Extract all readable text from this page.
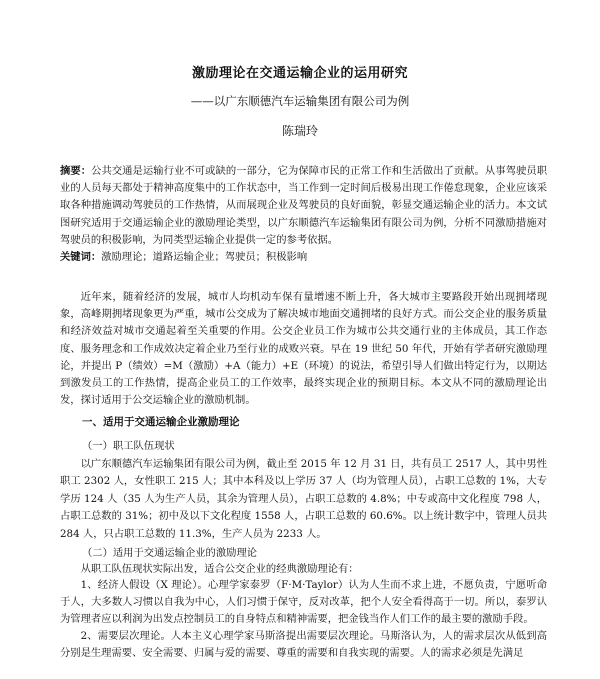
激励理论在交通运输企业的运用研究
——以广东顺德汽车运输集团有限公司为例
陈瑞玲
摘要：公共交通是运输行业不可或缺的一部分，它为保障市民的正常工作和生活做出了贡献。从事驾驶员职业的人员每天都处于精神高度集中的工作状态中，当工作到一定时间后极易出现工作倦怠现象，企业应该采取各种措施调动驾驶员的工作热情，从而展现企业及驾驶员的良好面貌，彰显交通运输企业的活力。本文试图研究适用于交通运输企业的激励理论类型，以广东顺德汽车运输集团有限公司为例，分析不同激励措施对驾驶员的积极影响，为同类型运输企业提供一定的参考依据。
关键词：激励理论；道路运输企业；驾驶员；积极影响

近年来，随着经济的发展，城市人均机动车保有量增速不断上升，各大城市主要路段开始出现拥堵现象，高峰期拥堵现象更为严重，城市公交成为了解决城市地面交通拥堵的良好方式。而公交企业的服务质量和经济效益对城市交通起着至关重要的作用。公交企业员工作为城市公共交通行业的主体成员，其工作态度、服务理念和工作成效决定着企业乃至行业的成败兴衰。早在 19 世纪 50 年代，开始有学者研究激励理论，并提出 P（绩效）=M（激励）+A（能力）+E（环境）的说法，希望引导人们做出特定行为，以期达到激发员工的工作热情，提高企业员工的工作效率，最终实现企业的预期目标。本文从不同的激励理论出发，探讨适用于公交运输企业的激励机制。

一、适用于交通运输企业激励理论
（一）职工队伍现状

以广东顺德汽车运输集团有限公司为例，截止至 2015 年 12 月 31 日，共有员工 2517 人，其中男性职工 2302 人，女性职工 215 人；其中本科及以上学历 37 人（均为管理人员），占职工总数的 1%，大专学历 124 人（35 人为生产人员，其余为管理人员），占职工总数的 4.8%；中专或高中文化程度 798 人，占职工总数的 31%；初中及以下文化程度 1558 人，占职工总数的 60.6%。以上统计数字中，管理人员共 284 人，只占职工总数的 11.3%，生产人员为 2233 人。

（二）适用于交通运输企业的激励理论

从职工队伍现状实际出发，适合公交企业的经典激励理论有：

1、经济人假设（X 理论）。心理学家泰罗（F·M·Taylor）认为人生而不求上进，不愿负责，宁愿听命于人，大多数人习惯以自我为中心，人们习惯于保守，反对改革，把个人安全看得高于一切。所以，泰罗认为管理者应以利润为出发点控制员工的自身特点和精神需要，把金钱当作人们工作的最主要的激励手段。

2、需要层次理论。人本主义心理学家马斯洛提出需要层次理论。马斯洛认为，人的需求层次从低到高分别是生理需要、安全需要、归属与爱的需要、尊重的需要和自我实现的需要。人的需求必须是先满足
